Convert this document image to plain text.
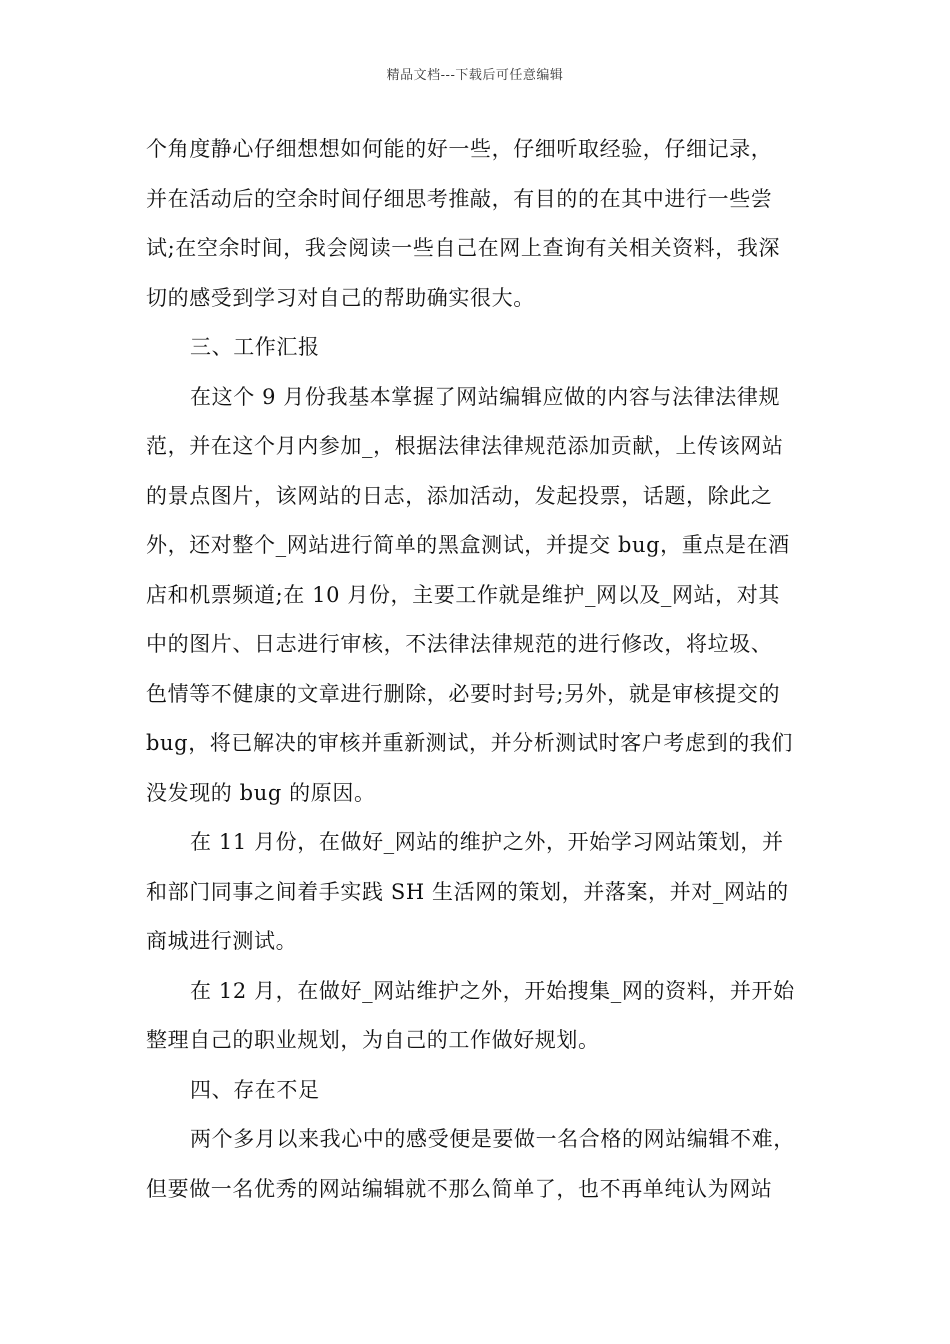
精品文档---下载后可任意编辑
个角度静心仔细想想如何能的好一些，仔细听取经验，仔细记录，
并在活动后的空余时间仔细思考推敲，有目的的在其中进行一些尝
试;在空余时间，我会阅读一些自己在网上查询有关相关资料，我深
切的感受到学习对自己的帮助确实很大。
三、工作汇报
在这个 9 月份我基本掌握了网站编辑应做的内容与法律法律规
范，并在这个月内参加_，根据法律法律规范添加贡献，上传该网站
的景点图片，该网站的日志，添加活动，发起投票，话题，除此之
外，还对整个_网站进行简单的黑盒测试，并提交 bug，重点是在酒
店和机票频道;在 10 月份，主要工作就是维护_网以及_网站，对其
中的图片、日志进行审核，不法律法律规范的进行修改，将垃圾、
色情等不健康的文章进行删除，必要时封号;另外，就是审核提交的
bug，将已解决的审核并重新测试，并分析测试时客户考虑到的我们
没发现的 bug 的原因。
在 11 月份，在做好_网站的维护之外，开始学习网站策划，并
和部门同事之间着手实践 SH 生活网的策划，并落案，并对_网站的
商城进行测试。
在 12 月，在做好_网站维护之外，开始搜集_网的资料，并开始
整理自己的职业规划，为自己的工作做好规划。
四、存在不足
两个多月以来我心中的感受便是要做一名合格的网站编辑不难，
但要做一名优秀的网站编辑就不那么简单了，也不再单纯认为网站
